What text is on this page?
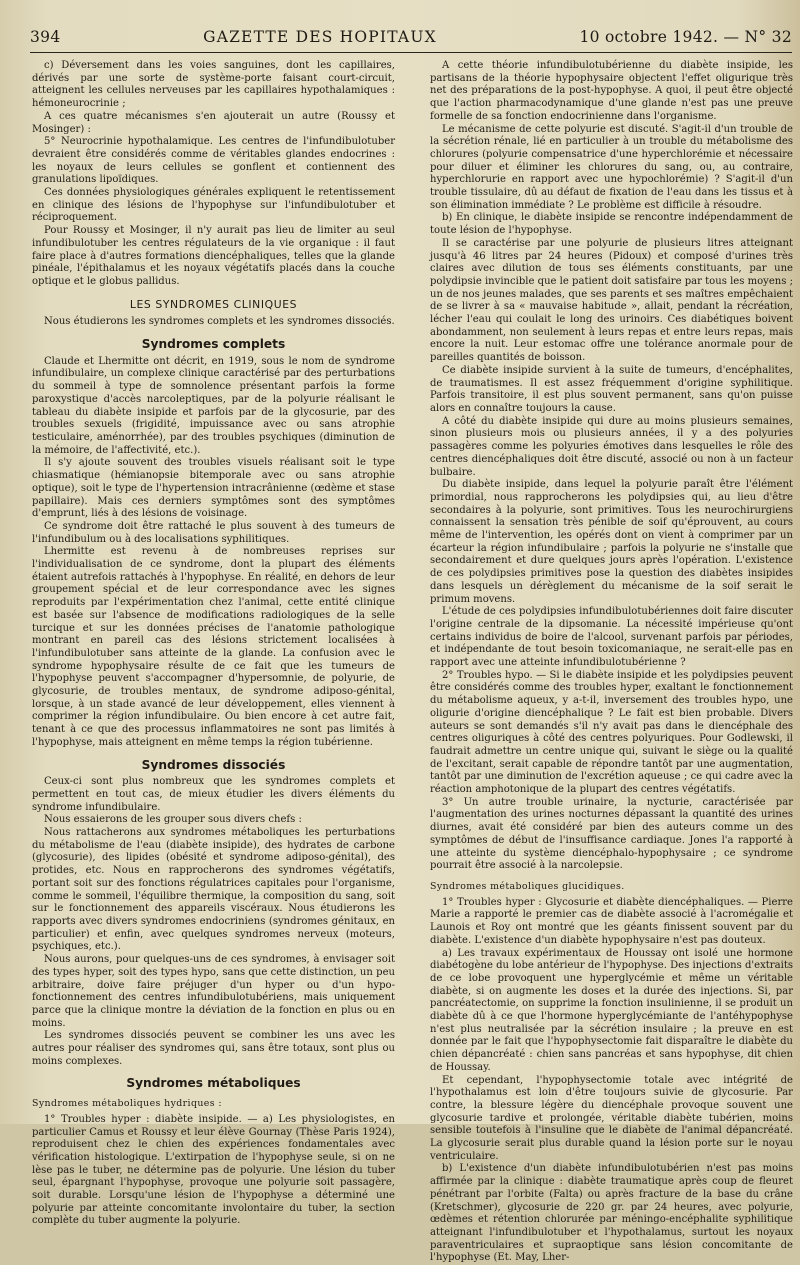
394	GAZETTE DES HOPITAUX	10 octobre 1942. — N° 32

c) Déversement dans les voies sanguines, dont les capillaires, dérivés par une sorte de système-porte faisant court-circuit, atteignent les cellules nerveuses par les capillaires hypothalamiques : hémoneurocrinie ;

A ces quatre mécanismes s'en ajouterait un autre (Roussy et Mosinger) :

5° Neurocrinie hypothalamique. Les centres de l'infundibulotuber devraient être considérés comme de véritables glandes endocrines : les noyaux de leurs cellules se gonflent et contiennent des granulations lipoïdiques.

Ces données physiologiques générales expliquent le retentissement en clinique des lésions de l'hypophyse sur l'infundibulotuber et réciproquement.

Pour Roussy et Mosinger, il n'y aurait pas lieu de limiter au seul infundibulotuber les centres régulateurs de la vie organique : il faut faire place à d'autres formations diencéphaliques, telles que la glande pinéale, l'épithalamus et les noyaux végétatifs placés dans la couche optique et le globus pallidus.

LES SYNDROMES CLINIQUES

Nous étudierons les syndromes complets et les syndromes dissociés.

Syndromes complets

Claude et Lhermitte ont décrit, en 1919, sous le nom de syndrome infundibulaire, un complexe clinique caractérisé par des perturbations du sommeil à type de somnolence présentant parfois la forme paroxystique d'accès narcoleptiques, par de la polyurie réalisant le tableau du diabète insipide et parfois par de la glycosurie, par des troubles sexuels (frigidité, impuissance avec ou sans atrophie testiculaire, aménorrhée), par des troubles psychiques (diminution de la mémoire, de l'affectivité, etc.).

Il s'y ajoute souvent des troubles visuels réalisant soit le type chiasmatique (hémianopsie bitemporale avec ou sans atrophie optique), soit le type de l'hypertension intracrânienne (œdème et stase papillaire). Mais ces derniers symptômes sont des symptômes d'emprunt, liés à des lésions de voisinage.

Ce syndrome doit être rattaché le plus souvent à des tumeurs de l'infundibulum ou à des localisations syphilitiques.

Lhermitte est revenu à de nombreuses reprises sur l'individualisation de ce syndrome, dont la plupart des éléments étaient autrefois rattachés à l'hypophyse. En réalité, en dehors de leur groupement spécial et de leur correspondance avec les signes reproduits par l'expérimentation chez l'animal, cette entité clinique est basée sur l'absence de modifications radiologiques de la selle turcique et sur les données précises de l'anatomie pathologique montrant en pareil cas des lésions strictement localisées à l'infundibulotuber sans atteinte de la glande. La confusion avec le syndrome hypophysaire résulte de ce fait que les tumeurs de l'hypophyse peuvent s'accompagner d'hypersomnie, de polyurie, de glycosurie, de troubles mentaux, de syndrome adiposo-génital, lorsque, à un stade avancé de leur développement, elles viennent à comprimer la région infundibulaire. Ou bien encore à cet autre fait, tenant à ce que des processus inflammatoires ne sont pas limités à l'hypophyse, mais atteignent en même temps la région tubérienne.

Syndromes dissociés

Ceux-ci sont plus nombreux que les syndromes complets et permettent en tout cas, de mieux étudier les divers éléments du syndrome infundibulaire.

Nous essaierons de les grouper sous divers chefs :

Nous rattacherons aux syndromes métaboliques les perturbations du métabolisme de l'eau (diabète insipide), des hydrates de carbone (glycosurie), des lipides (obésité et syndrome adiposo-génital), des protides, etc. Nous en rapprocherons des syndromes végétatifs, portant soit sur des fonctions régulatrices capitales pour l'organisme, comme le sommeil, l'équilibre thermique, la composition du sang, soit sur le fonctionnement des appareils viscéraux. Nous étudierons les rapports avec divers syndromes endocriniens (syndromes génitaux, en particulier) et enfin, avec quelques syndromes nerveux (moteurs, psychiques, etc.).

Nous aurons, pour quelques-uns de ces syndromes, à envisager soit des types hyper, soit des types hypo, sans que cette distinction, un peu arbitraire, doive faire préjuger d'un hyper ou d'un hypo-fonctionnement des centres infundibulotubériens, mais uniquement parce que la clinique montre la déviation de la fonction en plus ou en moins.

Les syndromes dissociés peuvent se combiner les uns avec les autres pour réaliser des syndromes qui, sans être totaux, sont plus ou moins complexes.

Syndromes métaboliques
Syndromes métaboliques hydriques :

1° Troubles hyper : diabète insipide. — a) Les physiologistes, en particulier Camus et Roussy et leur élève Gournay (Thèse Paris 1924), reproduisent chez le chien des expériences fondamentales avec vérification histologique. L'extirpation de l'hypophyse seule, si on ne lèse pas le tuber, ne détermine pas de polyurie. Une lésion du tuber seul, épargnant l'hypophyse, provoque une polyurie soit passagère, soit durable. Lorsqu'une lésion de l'hypophyse a déterminé une polyurie par atteinte concomitante involontaire du tuber, la section complète du tuber augmente la polyurie.

A cette théorie infundibulotubérienne du diabète insipide, les partisans de la théorie hypophysaire objectent l'effet oligurique très net des préparations de la post-hypophyse. A quoi, il peut être objecté que l'action pharmacodynamique d'une glande n'est pas une preuve formelle de sa fonction endocrinienne dans l'organisme.

Le mécanisme de cette polyurie est discuté. S'agit-il d'un trouble de la sécrétion rénale, lié en particulier à un trouble du métabolisme des chlorures (polyurie compensatrice d'une hyperchlorémie et nécessaire pour diluer et éliminer les chlorures du sang, ou, au contraire, hyperchlorurie en rapport avec une hypochlorémie) ? S'agit-il d'un trouble tissulaire, dû au défaut de fixation de l'eau dans les tissus et à son élimination immédiate ? Le problème est difficile à résoudre.

b) En clinique, le diabète insipide se rencontre indépendamment de toute lésion de l'hypophyse.

Il se caractérise par une polyurie de plusieurs litres atteignant jusqu'à 46 litres par 24 heures (Pidoux) et composé d'urines très claires avec dilution de tous ses éléments constituants, par une polydipsie invincible que le patient doit satisfaire par tous les moyens ; un de nos jeunes malades, que ses parents et ses maîtres empêchaient de se livrer à sa « mauvaise habitude », allait, pendant la récréation, lécher l'eau qui coulait le long des urinoirs. Ces diabétiques boivent abondamment, non seulement à leurs repas et entre leurs repas, mais encore la nuit. Leur estomac offre une tolérance anormale pour de pareilles quantités de boisson.

Ce diabète insipide survient à la suite de tumeurs, d'encéphalites, de traumatismes. Il est assez fréquemment d'origine syphilitique. Parfois transitoire, il est plus souvent permanent, sans qu'on puisse alors en connaître toujours la cause.

A côté du diabète insipide qui dure au moins plusieurs semaines, sinon plusieurs mois ou plusieurs années, il y a des polyuries passagères comme les polyuries émotives dans lesquelles le rôle des centres diencéphaliques doit être discuté, associé ou non à un facteur bulbaire.

Du diabète insipide, dans lequel la polyurie paraît être l'élément primordial, nous rapprocherons les polydipsies qui, au lieu d'être secondaires à la polyurie, sont primitives. Tous les neurochirurgiens connaissent la sensation très pénible de soif qu'éprouvent, au cours même de l'intervention, les opérés dont on vient à comprimer par un écarteur la région infundibulaire ; parfois la polyurie ne s'installe que secondairement et dure quelques jours après l'opération. L'existence de ces polydipsies primitives pose la question des diabètes insipides dans lesquels un dérèglement du mécanisme de la soif serait le primum movens.

L'étude de ces polydipsies infundibulotubériennes doit faire discuter l'origine centrale de la dipsomanie. La nécessité impérieuse qu'ont certains individus de boire de l'alcool, survenant parfois par périodes, et indépendante de tout besoin toxicomaniaque, ne serait-elle pas en rapport avec une atteinte infundibulotubérienne ?

2° Troubles hypo. — Si le diabète insipide et les polydipsies peuvent être considérés comme des troubles hyper, exaltant le fonctionnement du métabolisme aqueux, y a-t-il, inversement des troubles hypo, une oligurie d'origine diencéphalique ? Le fait est bien probable. Divers auteurs se sont demandés s'il n'y avait pas dans le diencéphale des centres oliguriques à côté des centres polyuriques. Pour Godlewski, il faudrait admettre un centre unique qui, suivant le siège ou la qualité de l'excitant, serait capable de répondre tantôt par une augmentation, tantôt par une diminution de l'excrétion aqueuse ; ce qui cadre avec la réaction amphotonique de la plupart des centres végétatifs.

3° Un autre trouble urinaire, la nycturie, caractérisée par l'augmentation des urines nocturnes dépassant la quantité des urines diurnes, avait été considéré par bien des auteurs comme un des symptômes de début de l'insuffisance cardiaque. Jones l'a rapporté à une atteinte du système diencéphalo-hypophysaire ; ce syndrome pourrait être associé à la narcolepsie.

Syndromes métaboliques glucidiques.

1° Troubles hyper : Glycosurie et diabète diencéphaliques. — Pierre Marie a rapporté le premier cas de diabète associé à l'acromégalie et Launois et Roy ont montré que les géants finissent souvent par du diabète. L'existence d'un diabète hypophysaire n'est pas douteux.

a) Les travaux expérimentaux de Houssay ont isolé une hormone diabétogène du lobe antérieur de l'hypophyse. Des injections d'extraits de ce lobe provoquent une hyperglycémie et même un véritable diabète, si on augmente les doses et la durée des injections. Si, par pancréatectomie, on supprime la fonction insulinienne, il se produit un diabète dû à ce que l'hormone hyperglycémiante de l'antéhypophyse n'est plus neutralisée par la sécrétion insulaire ; la preuve en est donnée par le fait que l'hypophysectomie fait disparaître le diabète du chien dépancréaté : chien sans pancréas et sans hypophyse, dit chien de Houssay.

Et cependant, l'hypophysectomie totale avec intégrité de l'hypothalamus est loin d'être toujours suivie de glycosurie. Par contre, la blessure légère du diencéphale provoque souvent une glycosurie tardive et prolongée, véritable diabète tubérien, moins sensible toutefois à l'insuline que le diabète de l'animal dépancréaté. La glycosurie serait plus durable quand la lésion porte sur le noyau ventriculaire.

b) L'existence d'un diabète infundibulotubérien n'est pas moins affirmée par la clinique : diabète traumatique après coup de fleuret pénétrant par l'orbite (Falta) ou après fracture de la base du crâne (Kretschmer), glycosurie de 220 gr. par 24 heures, avec polyurie, œdèmes et rétention chlorurée par méningo-encéphalite syphilitique atteignant l'infundibulotuber et l'hypothalamus, surtout les noyaux paraventriculaires et supraoptique sans lésion concomitante de l'hypophyse (Et. May, Lher-
